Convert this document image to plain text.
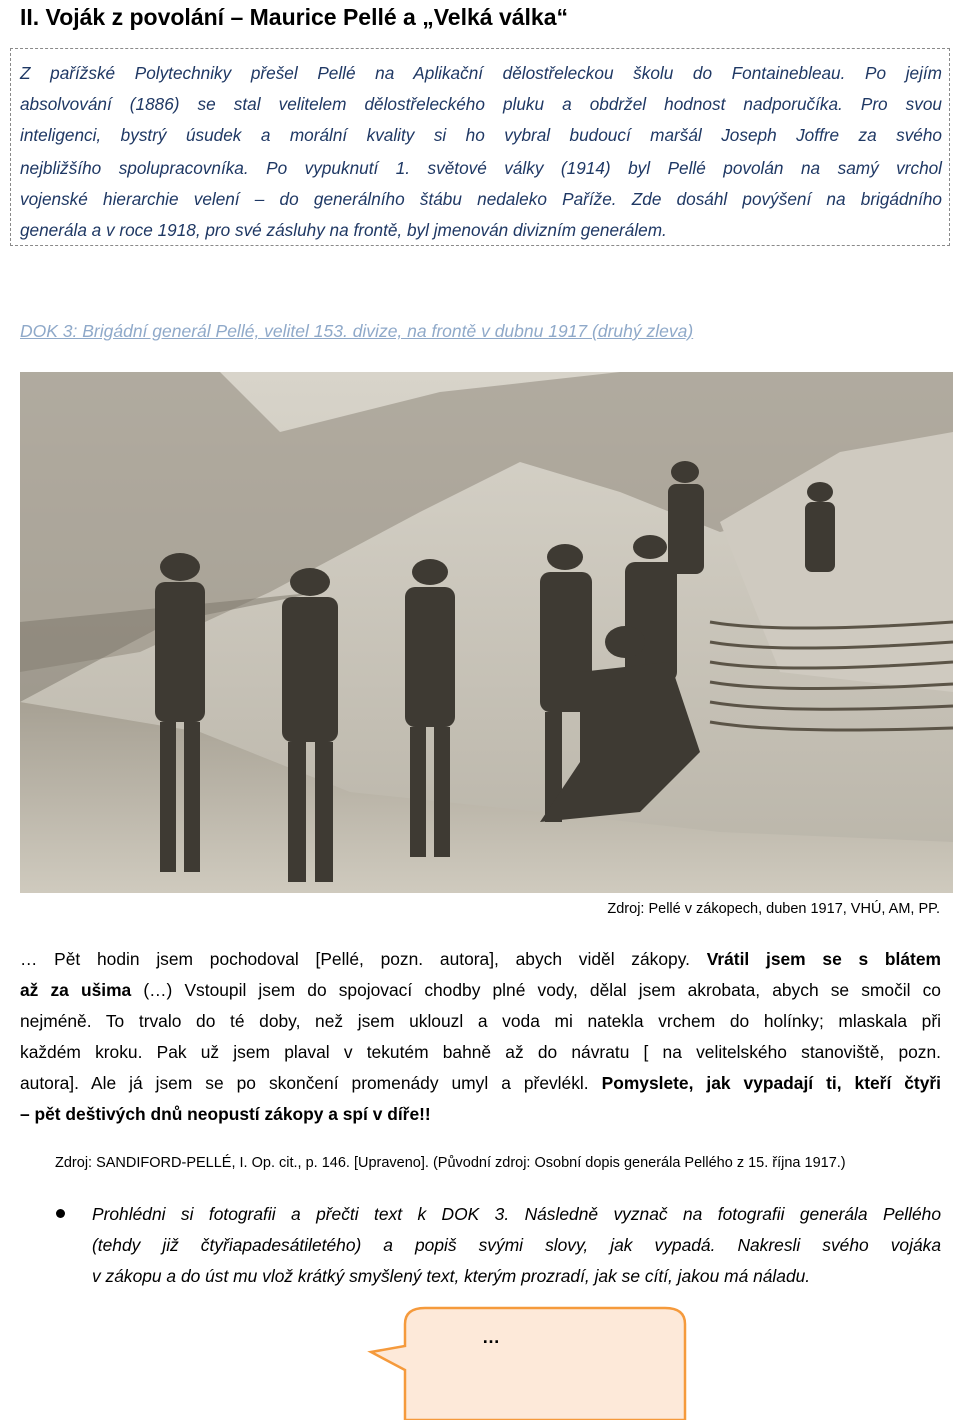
II. Voják z povolání – Maurice Pellé a „Velká válka“

Z pařížské Polytechniky přešel Pellé na Aplikační dělostřeleckou školu do Fontainebleau. Po jejím

absolvování (1886) se stal velitelem dělostřeleckého pluku a obdržel hodnost nadporučíka. Pro svou

inteligenci, bystrý úsudek a morální kvality si ho vybral budoucí maršál Joseph Joffre za svého

nejbližšího spolupracovníka. Po vypuknutí 1. světové války (1914) byl Pellé povolán na samý vrchol

vojenské hierarchie velení – do generálního štábu nedaleko Paříže. Zde dosáhl povýšení na brigádního

generála a v roce 1918, pro své zásluhy na frontě, byl jmenován divizním generálem.

DOK 3: Brigádní generál Pellé, velitel 153. divize, na frontě v dubnu 1917 (druhý zleva)
Zdroj: Pellé v zákopech, duben 1917, VHÚ, AM, PP.
… Pět hodin jsem pochodoval [Pellé, pozn. autora], abych viděl zákopy. Vrátil jsem se s blátem
až za ušima (…) Vstoupil jsem do spojovací chodby plné vody, dělal jsem akrobata, abych se smočil co
nejméně. To trvalo do té doby, než jsem uklouzl a voda mi natekla vrchem do holínky; mlaskala při
každém kroku. Pak už jsem plaval v tekutém bahně až do návratu [ na velitelského stanoviště, pozn.
autora]. Ale já jsem se po skončení promenády umyl a převlékl. Pomyslete, jak vypadají ti, kteří čtyři
– pět deštivých dnů neopustí zákopy a spí v díře!!
Zdroj: SANDIFORD-PELLÉ, I. Op. cit., p. 146. [Upraveno]. (Původní zdroj: Osobní dopis generála Pellého z 15. října 1917.)
Prohlédni si fotografii a přečti text k DOK 3. Následně vyznač na fotografii generála Pellého
(tehdy již čtyřiapadesátiletého) a popiš svými slovy, jak vypadá. Nakresli svého vojáka
v zákopu a do úst mu vlož krátký smyšlený text, kterým prozradí, jak se cítí, jakou má náladu.
…
